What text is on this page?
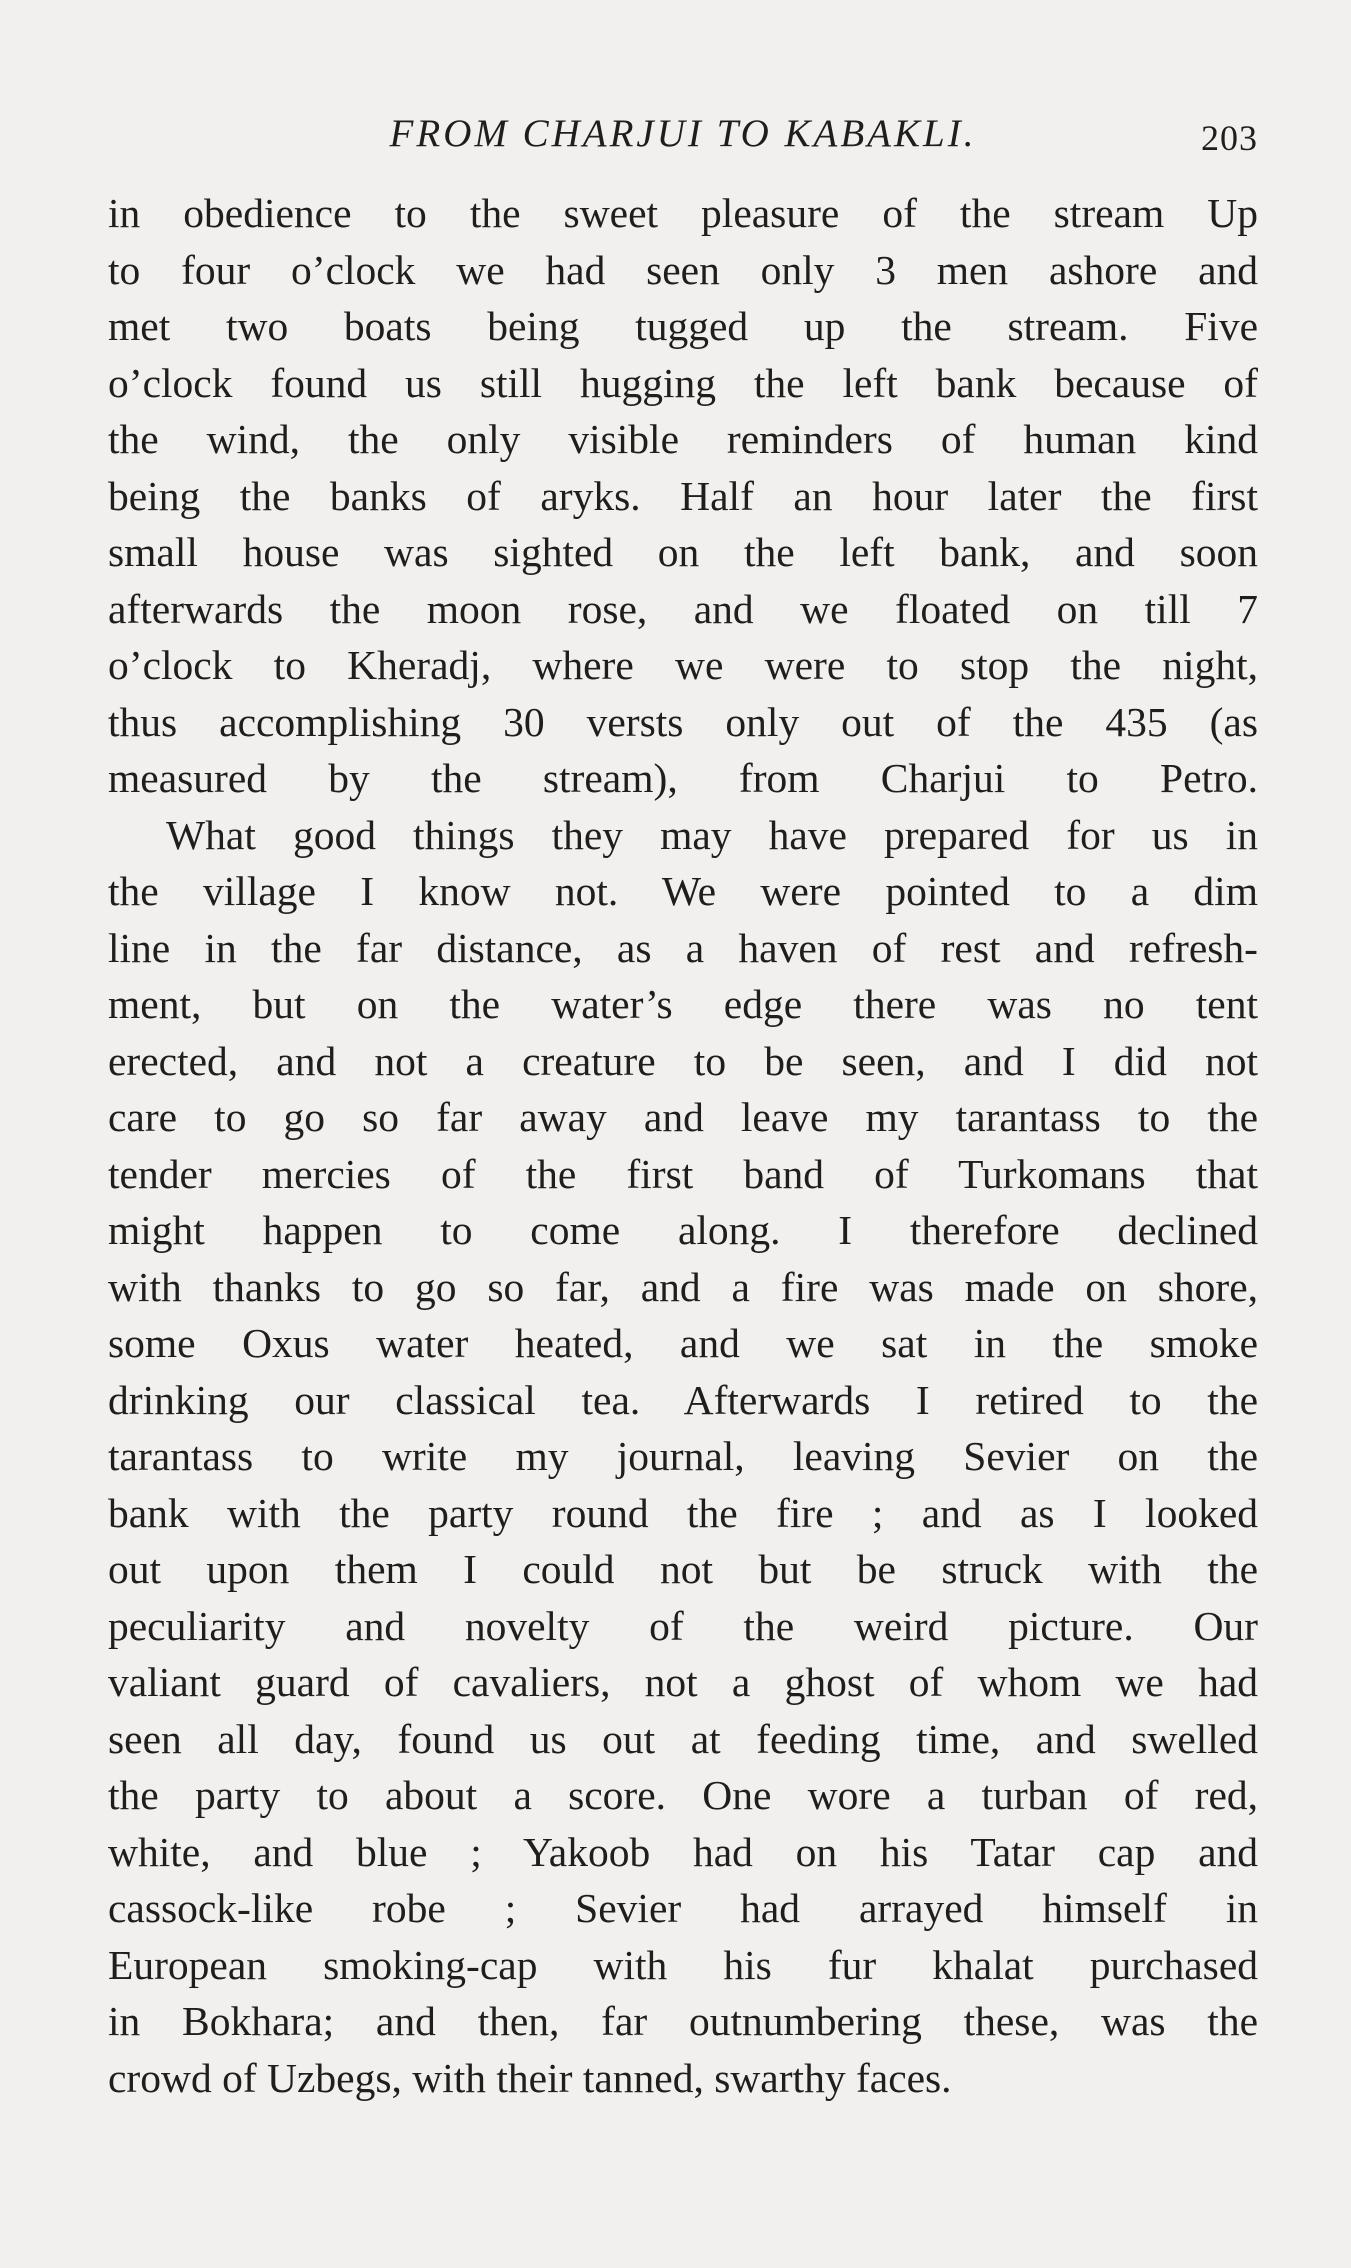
FROM CHARJUI TO KABAKLI.	203
in obedience to the sweet pleasure of the stream Up
to four o’clock we had seen only 3 men ashore and
met two boats being tugged up the stream. Five
o’clock found us still hugging the left bank because of
the wind, the only visible reminders of human kind
being the banks of aryks. Half an hour later the first
small house was sighted on the left bank, and soon
afterwards the moon rose, and we floated on till 7
o’clock to Kheradj, where we were to stop the night,
thus accomplishing 30 versts only out of the 435 (as
measured by the stream), from Charjui to Petro.
What good things they may have prepared for us in
the village I know not. We were pointed to a dim
line in the far distance, as a haven of rest and refresh-
ment, but on the water’s edge there was no tent
erected, and not a creature to be seen, and I did not
care to go so far away and leave my tarantass to the
tender mercies of the first band of Turkomans that
might happen to come along. I therefore declined
with thanks to go so far, and a fire was made on shore,
some Oxus water heated, and we sat in the smoke
drinking our classical tea. Afterwards I retired to the
tarantass to write my journal, leaving Sevier on the
bank with the party round the fire ; and as I looked
out upon them I could not but be struck with the
peculiarity and novelty of the weird picture. Our
valiant guard of cavaliers, not a ghost of whom we had
seen all day, found us out at feeding time, and swelled
the party to about a score. One wore a turban of red,
white, and blue ; Yakoob had on his Tatar cap and
cassock-like robe ; Sevier had arrayed himself in
European smoking-cap with his fur khalat purchased
in Bokhara; and then, far outnumbering these, was the
crowd of Uzbegs, with their tanned, swarthy faces.
